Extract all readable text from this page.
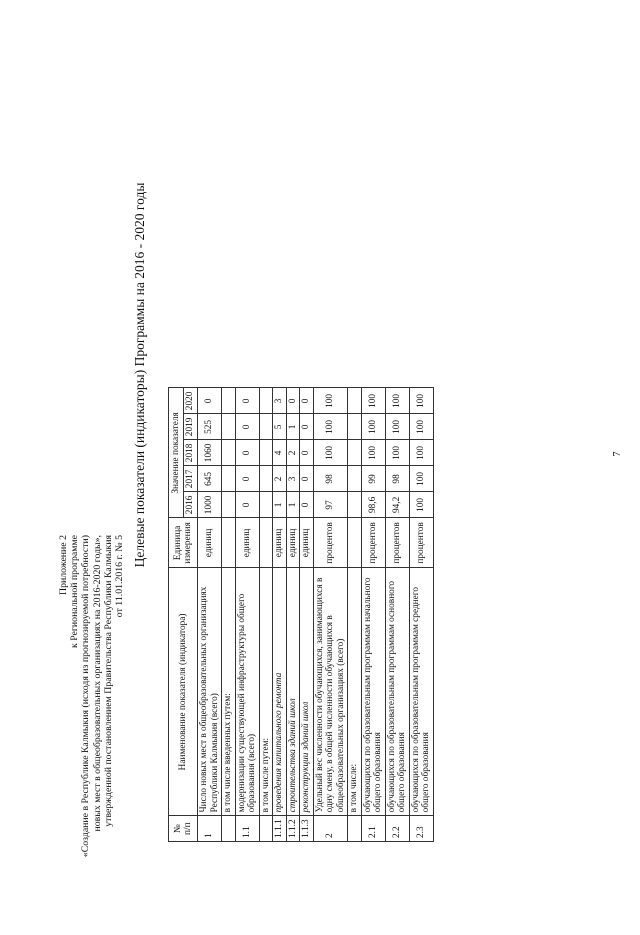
Приложение 2 к Региональной программе «Создание в Республике Калмыкия (исходя из прогнозируемой потребности) новых мест в общеобразовательных организациях на 2016-2020 годы», утвержденной постановлением Правительства Республики Калмыкия от 11.01.2016 г. № 5
Целевые показатели (индикаторы) Программы на 2016 - 2020 годы
№
п/п	Наименование показателя (индикатора)	Единица измерения	Значение показателя				
			2016	2017	2018	2019	2020
1	Число новых мест в общеобразовательных организациях Республики Калмыкия (всего)	единиц	1000	645	1060	525	0
	в том числе введенных путем:						
1.1	модернизации существующей инфраструктуры общего образования (всего)	единиц	0	0	0	0	0
	в том числе путем:						
1.1.1	проведения капитального ремонта	единиц	1	2	4	5	3
1.1.2	строительства зданий школ	единиц	1	3	2	1	0
1.1.3	реконструкции зданий школ	единиц	0	0	0	0	0
2	Удельный вес численности обучающихся, занимающихся в одну смену, в общей численности обучающихся в общеобразовательных организациях (всего)	процентов	97	98	100	100	100
	в том числе:						
2.1	обучающихся по образовательным программам начального общего образования	процентов	98,6	99	100	100	100
2.2	обучающихся по образовательным программам основного общего образования	процентов	94,2	98	100	100	100
2.3	обучающихся по образовательным программам среднего общего образования	процентов	100	100	100	100	100
7
